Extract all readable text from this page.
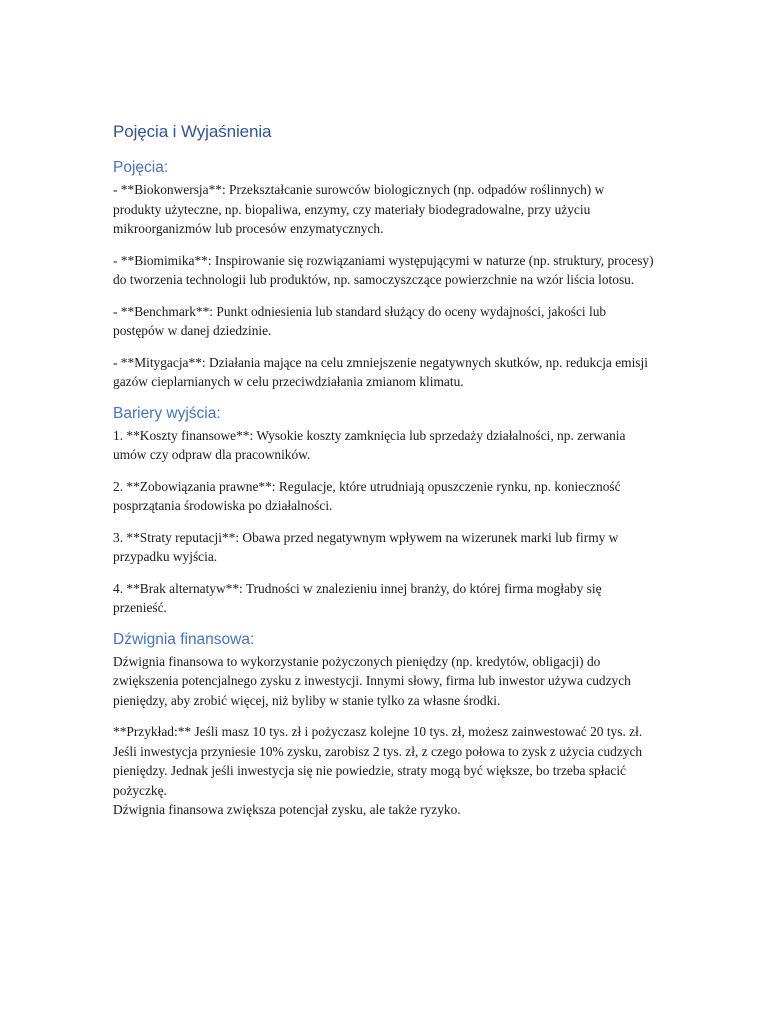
Pojęcia i Wyjaśnienia
Pojęcia:

- **Biokonwersja**: Przekształcanie surowców biologicznych (np. odpadów roślinnych) w produkty użyteczne, np. biopaliwa, enzymy, czy materiały biodegradowalne, przy użyciu mikroorganizmów lub procesów enzymatycznych.

- **Biomimika**: Inspirowanie się rozwiązaniami występującymi w naturze (np. struktury, procesy) do tworzenia technologii lub produktów, np. samoczyszczące powierzchnie na wzór liścia lotosu.

- **Benchmark**: Punkt odniesienia lub standard służący do oceny wydajności, jakości lub postępów w danej dziedzinie.

- **Mitygacja**: Działania mające na celu zmniejszenie negatywnych skutków, np. redukcja emisji gazów cieplarnianych w celu przeciwdziałania zmianom klimatu.

Bariery wyjścia:

1. **Koszty finansowe**: Wysokie koszty zamknięcia lub sprzedaży działalności, np. zerwania umów czy odpraw dla pracowników.

2. **Zobowiązania prawne**: Regulacje, które utrudniają opuszczenie rynku, np. konieczność posprzątania środowiska po działalności.

3. **Straty reputacji**: Obawa przed negatywnym wpływem na wizerunek marki lub firmy w przypadku wyjścia.

4. **Brak alternatyw**: Trudności w znalezieniu innej branży, do której firma mogłaby się przenieść.

Dźwignia finansowa:

Dźwignia finansowa to wykorzystanie pożyczonych pieniędzy (np. kredytów, obligacji) do zwiększenia potencjalnego zysku z inwestycji. Innymi słowy, firma lub inwestor używa cudzych pieniędzy, aby zrobić więcej, niż byliby w stanie tylko za własne środki.

**Przykład:** Jeśli masz 10 tys. zł i pożyczasz kolejne 10 tys. zł, możesz zainwestować 20 tys. zł. Jeśli inwestycja przyniesie 10% zysku, zarobisz 2 tys. zł, z czego połowa to zysk z użycia cudzych pieniędzy. Jednak jeśli inwestycja się nie powiedzie, straty mogą być większe, bo trzeba spłacić pożyczkę.

Dźwignia finansowa zwiększa potencjał zysku, ale także ryzyko.
